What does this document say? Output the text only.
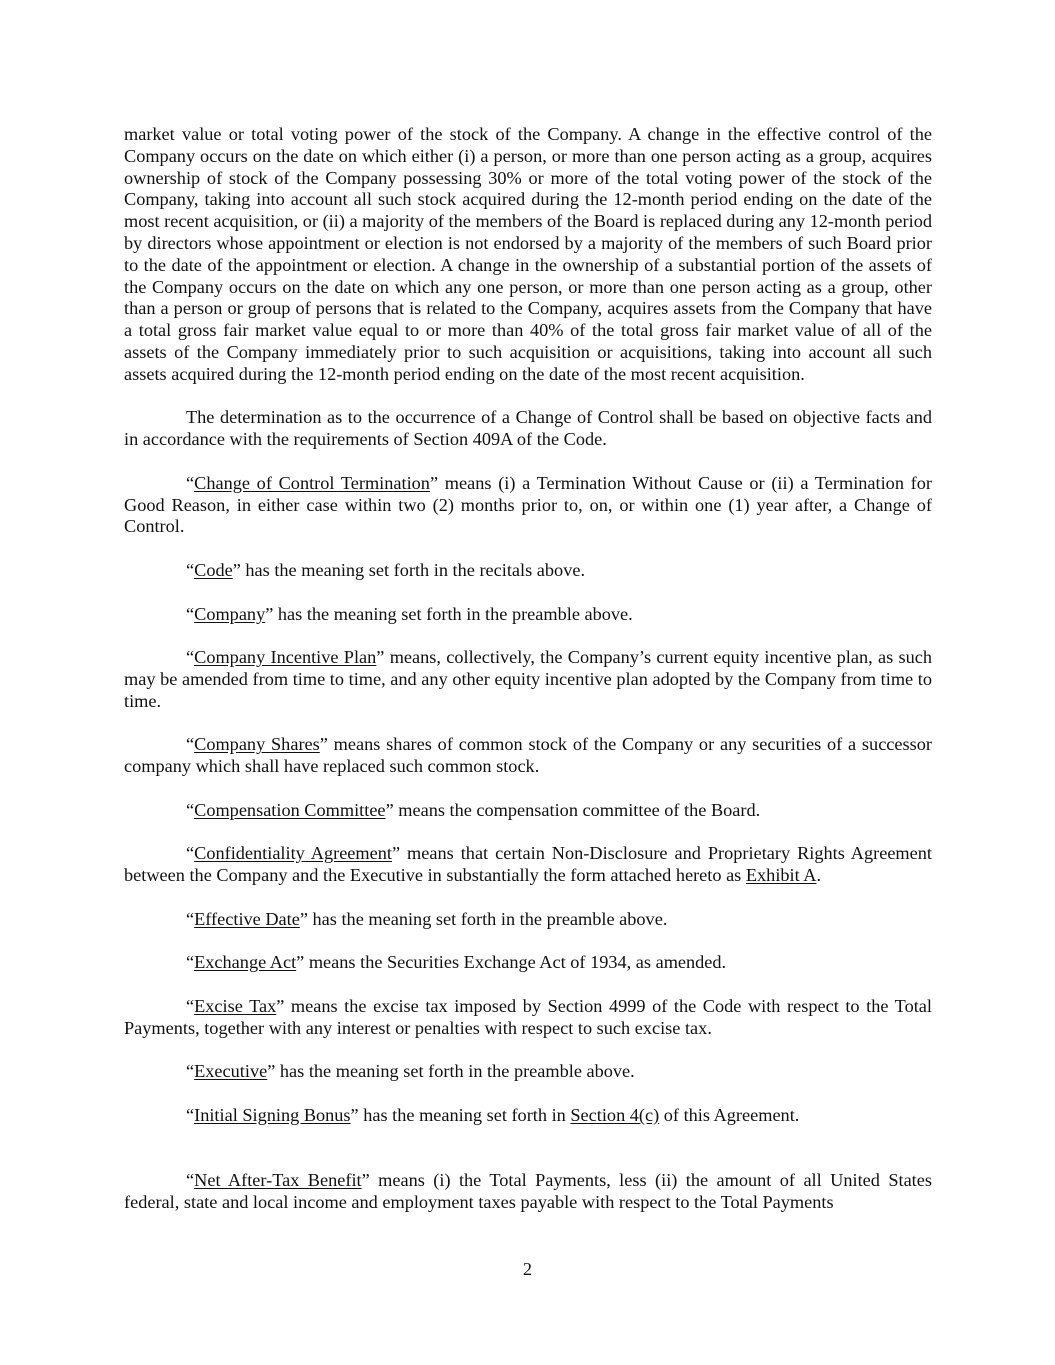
market value or total voting power of the stock of the Company. A change in the effective control of the Company occurs on the date on which either (i) a person, or more than one person acting as a group, acquires ownership of stock of the Company possessing 30% or more of the total voting power of the stock of the Company, taking into account all such stock acquired during the 12-month period ending on the date of the most recent acquisition, or (ii) a majority of the members of the Board is replaced during any 12-month period by directors whose appointment or election is not endorsed by a majority of the members of such Board prior to the date of the appointment or election. A change in the ownership of a substantial portion of the assets of the Company occurs on the date on which any one person, or more than one person acting as a group, other than a person or group of persons that is related to the Company, acquires assets from the Company that have a total gross fair market value equal to or more than 40% of the total gross fair market value of all of the assets of the Company immediately prior to such acquisition or acquisitions, taking into account all such assets acquired during the 12-month period ending on the date of the most recent acquisition.

The determination as to the occurrence of a Change of Control shall be based on objective facts and in accordance with the requirements of Section 409A of the Code.

“Change of Control Termination” means (i) a Termination Without Cause or (ii) a Termination for Good Reason, in either case within two (2) months prior to, on, or within one (1) year after, a Change of Control.

“Code” has the meaning set forth in the recitals above.

“Company” has the meaning set forth in the preamble above.

“Company Incentive Plan” means, collectively, the Company’s current equity incentive plan, as such may be amended from time to time, and any other equity incentive plan adopted by the Company from time to time.

“Company Shares” means shares of common stock of the Company or any securities of a successor company which shall have replaced such common stock.

“Compensation Committee” means the compensation committee of the Board.

“Confidentiality Agreement” means that certain Non-Disclosure and Proprietary Rights Agreement between the Company and the Executive in substantially the form attached hereto as Exhibit A.

“Effective Date” has the meaning set forth in the preamble above.

“Exchange Act” means the Securities Exchange Act of 1934, as amended.

“Excise Tax” means the excise tax imposed by Section 4999 of the Code with respect to the Total Payments, together with any interest or penalties with respect to such excise tax.

“Executive” has the meaning set forth in the preamble above.

“Initial Signing Bonus” has the meaning set forth in Section 4(c) of this Agreement.

“Net After-Tax Benefit” means (i) the Total Payments, less (ii) the amount of all United States federal, state and local income and employment taxes payable with respect to the Total Payments

2
